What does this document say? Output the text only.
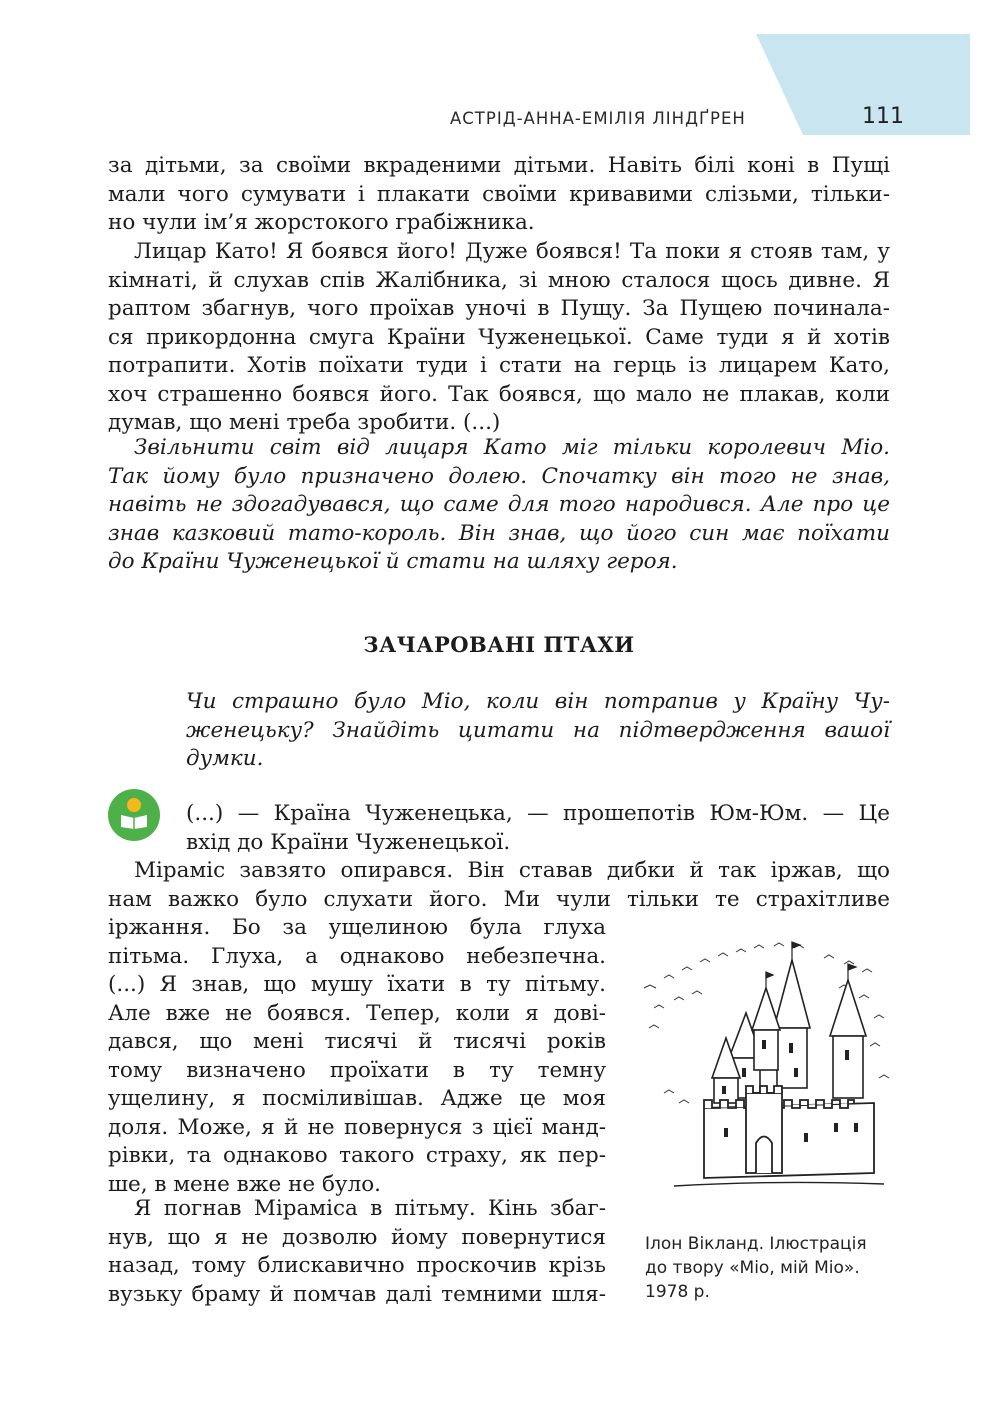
АСТРІД-АННА-ЕМІЛІЯ ЛІНДҐРЕН	111
за дітьми, за своїми вкраденими дітьми. Навіть білі коні в Пущі
мали чого сумувати і плакати своїми кривавими слізьми, тільки-
но чули ім’я жорстокого грабіжника.
Лицар Като! Я боявся його! Дуже боявся! Та поки я стояв там, у
кімнаті, й слухав спів Жалібника, зі мною сталося щось дивне. Я
раптом збагнув, чого проїхав уночі в Пущу. За Пущею починала-
ся прикордонна смуга Країни Чуженецької. Саме туди я й хотів
потрапити. Хотів поїхати туди і стати на герць із лицарем Като,
хоч страшенно боявся його. Так боявся, що мало не плакав, коли
думав, що мені треба зробити. (...)
Звільнити світ від лицаря Като міг тільки королевич Міо.
Так йому було призначено долею. Спочатку він того не знав,
навіть не здогадувався, що саме для того народився. Але про це
знав казковий тато-король. Він знав, що його син має поїхати
до Країни Чуженецької й стати на шляху героя.
ЗАЧАРОВАНІ ПТАХИ
Чи страшно було Міо, коли він потрапив у Країну Чу-
женецьку? Знайдіть цитати на підтвердження вашої
думки.
(...) — Країна Чуженецька, — прошепотів Юм-Юм. — Це
вхід до Країни Чуженецької.
Мірамiс завзято опирався. Він ставав дибки й так іржав, що
нам важко було слухати його. Ми чули тільки те страхітливе
іржання. Бо за ущелиною була глуха
пітьма. Глуха, а однаково небезпечна.
(...) Я знав, що мушу їхати в ту пітьму.
Але вже не боявся. Тепер, коли я дові-
дався, що мені тисячі й тисячі років
тому визначено проїхати в ту темну
ущелину, я посміливішав. Адже це моя
доля. Може, я й не повернуся з цієї манд-
рівки, та однаково такого страху, як пер-
ше, в мене вже не було.
Я погнав Міраміса в пітьму. Кінь збаг-
нув, що я не дозволю йому повернутися
назад, тому блискавично проскочив крізь
вузьку браму й помчав далі темними шля-
Ілон Вікланд. Ілюстрація
до твору «Міо, мій Міо».
1978 р.
